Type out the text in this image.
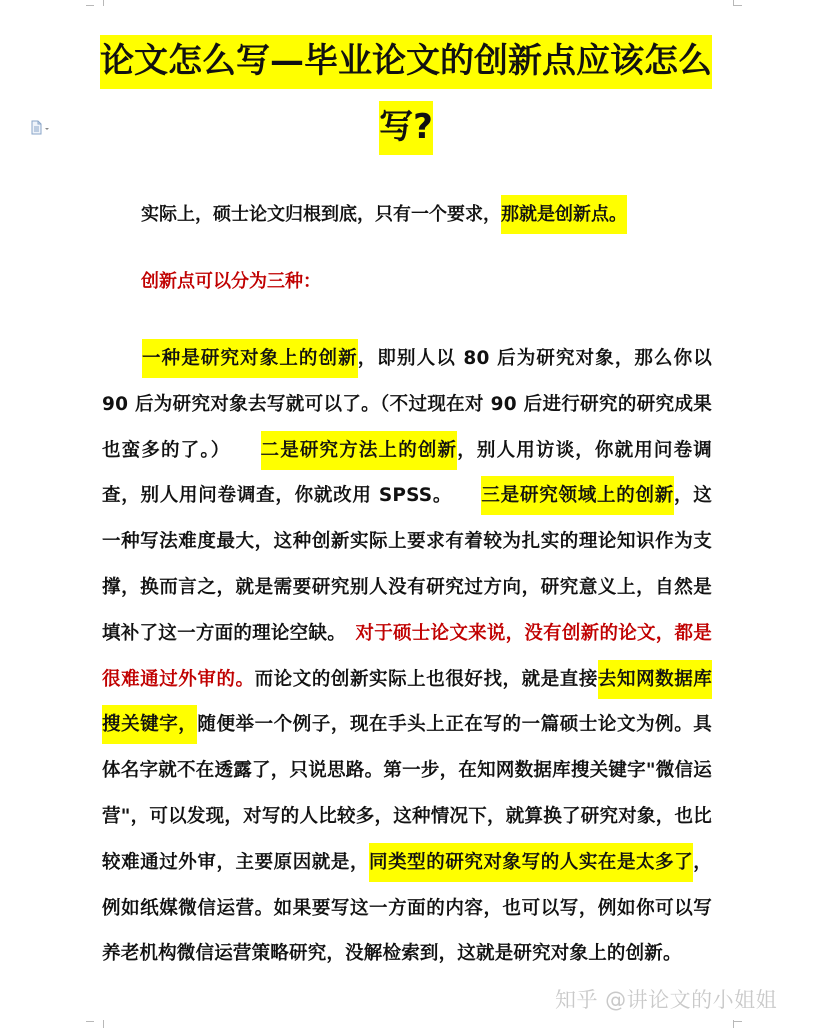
论文怎么写—毕业论文的创新点应该怎么写?

实际上，硕士论文归根到底，只有一个要求，那就是创新点。

创新点可以分为三种：

一种是研究对象上的创新，即别人以 80 后为研究对象，那么你以 90 后为研究对象去写就可以了。（不过现在对 90 后进行研究的研究成果也蛮多的了。）　　二是研究方法上的创新，别人用访谈，你就用问卷调查，别人用问卷调查，你就改用 SPSS。　　三是研究领域上的创新，这一种写法难度最大，这种创新实际上要求有着较为扎实的理论知识作为支撑，换而言之，就是需要研究别人没有研究过方向，研究意义上，自然是填补了这一方面的理论空缺。　对于硕士论文来说，没有创新的论文，都是很难通过外审的。而论文的创新实际上也很好找，就是直接去知网数据库搜关键字，随便举一个例子，现在手头上正在写的一篇硕士论文为例。具体名字就不在透露了，只说思路。第一步，在知网数据库搜关键字"微信运营"，可以发现，对写的人比较多，这种情况下，就算换了研究对象，也比较难通过外审，主要原因就是，同类型的研究对象写的人实在是太多了，例如纸媒微信运营。如果要写这一方面的内容，也可以写，例如你可以写养老机构微信运营策略研究，没解检索到，这就是研究对象上的创新。

知乎 @讲论文的小姐姐
